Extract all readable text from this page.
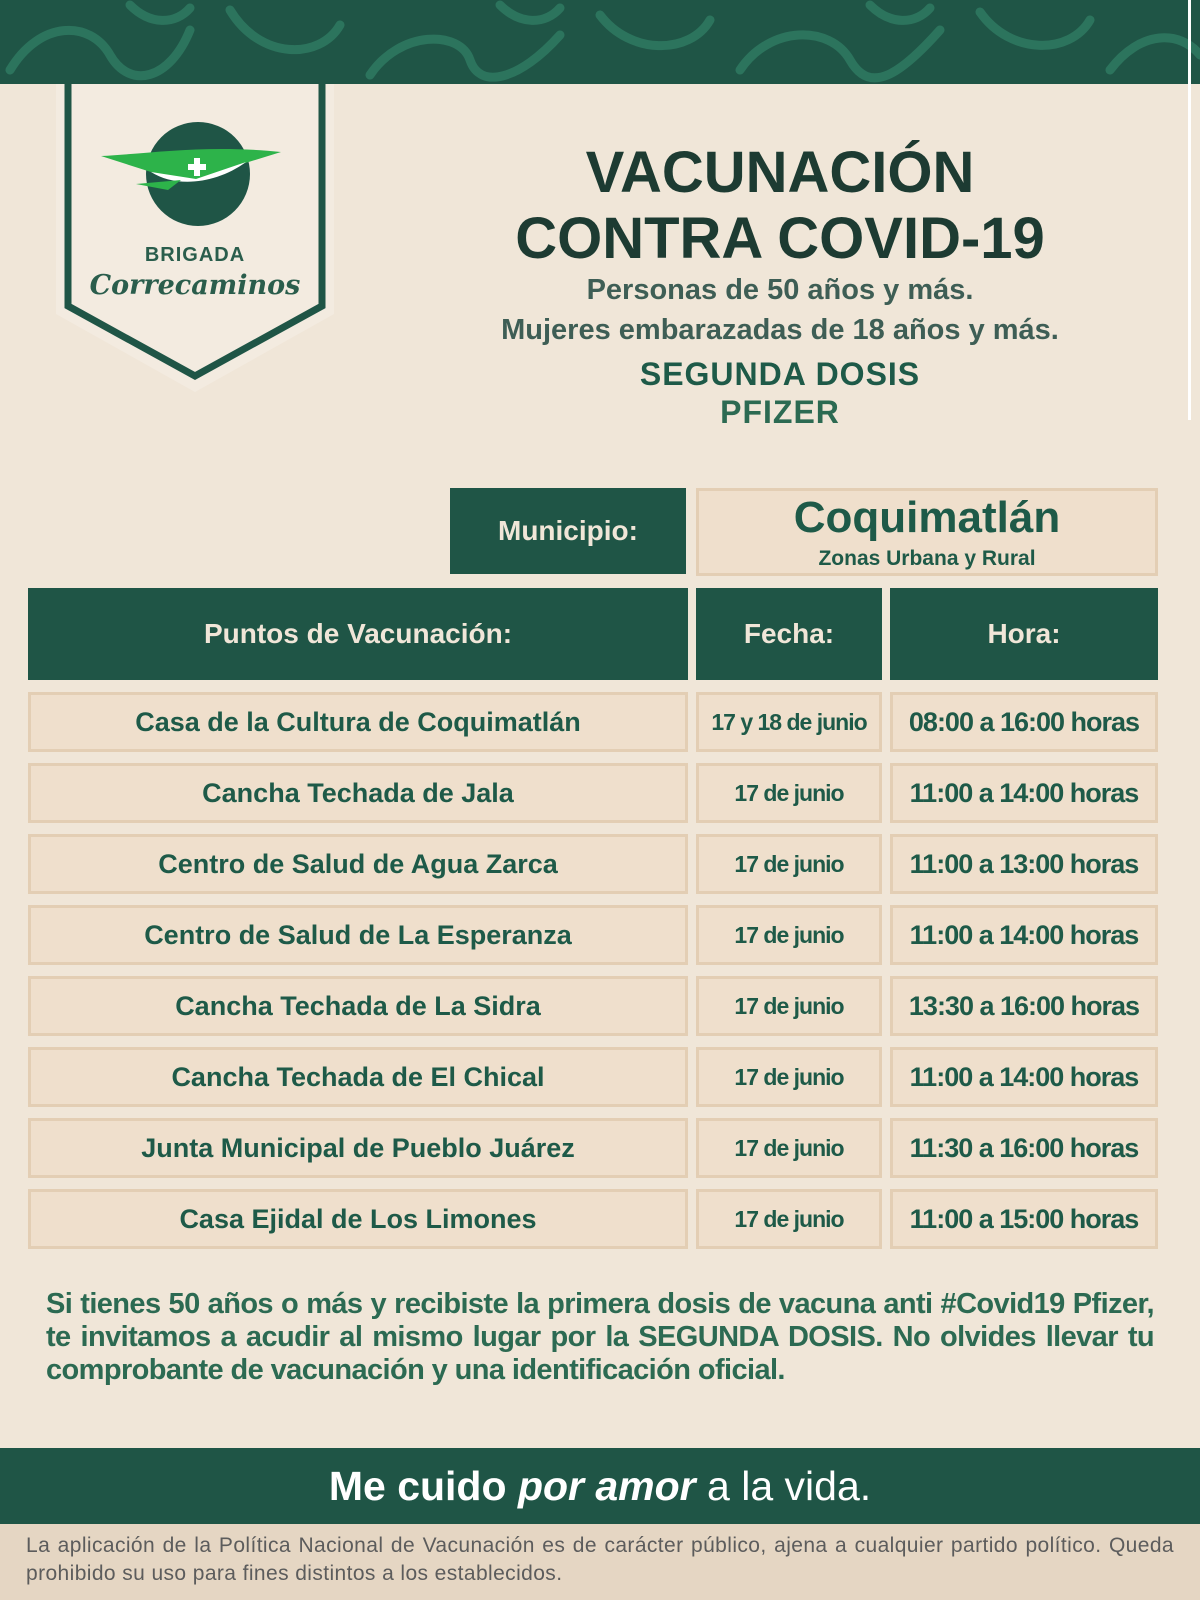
BRIGADA
Correcaminos
VACUNACIÓN
CONTRA COVID-19
Personas de 50 años y más.
Mujeres embarazadas de 18 años y más.
SEGUNDA DOSIS
PFIZER
Municipio:	Coquimatlán
Zonas Urbana y Rural
Puntos de Vacunación:	Fecha:	Hora:
Casa de la Cultura de Coquimatlán	17 y 18 de junio	08:00 a 16:00 horas
Cancha Techada de Jala	17 de junio	11:00 a 14:00 horas
Centro de Salud de Agua Zarca	17 de junio	11:00 a 13:00 horas
Centro de Salud de La Esperanza	17 de junio	11:00 a 14:00 horas
Cancha Techada de La Sidra	17 de junio	13:30 a 16:00 horas
Cancha Techada de El Chical	17 de junio	11:00 a 14:00 horas
Junta Municipal de Pueblo Juárez	17 de junio	11:30 a 16:00 horas
Casa Ejidal de Los Limones	17 de junio	11:00 a 15:00 horas
Si tienes 50 años o más y recibiste la primera dosis de vacuna anti #Covid19 Pfizer, te invitamos a acudir al mismo lugar por la SEGUNDA DOSIS. No olvides llevar tu comprobante de vacunación y una identificación oficial.
Me cuido por amor a la vida.
La aplicación de la Política Nacional de Vacunación es de carácter público, ajena a cualquier partido político. Queda prohibido su uso para fines distintos a los establecidos.
